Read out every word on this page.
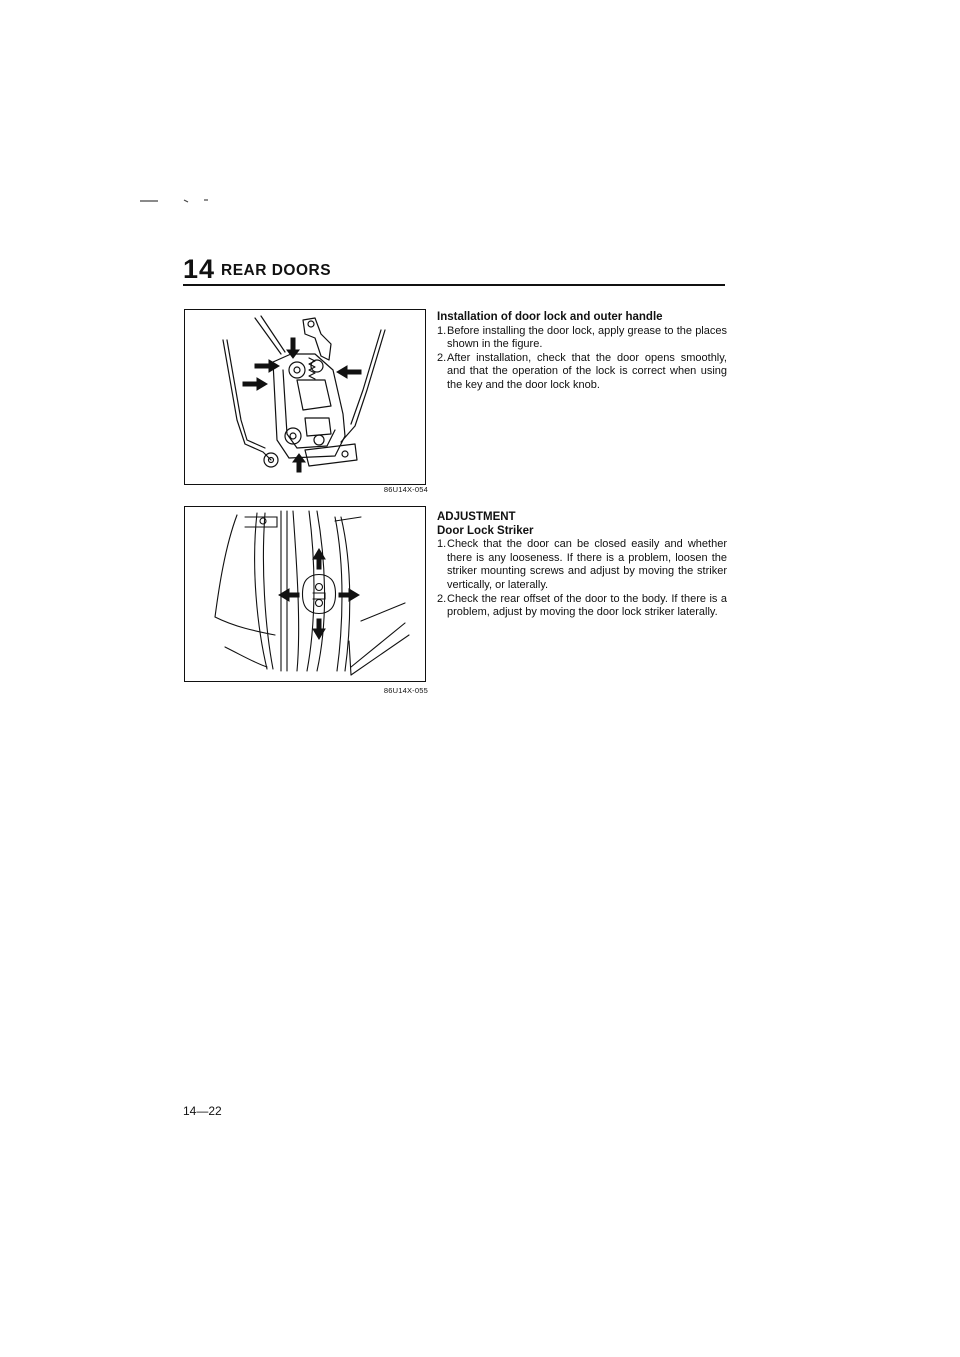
14 REAR DOORS
86U14X-054
86U14X-055
Installation of door lock and outer handle
1. Before installing the door lock, apply grease to the places shown in the figure.
2. After installation, check that the door opens smoothly, and that the operation of the lock is correct when using the key and the door lock knob.
ADJUSTMENT
Door Lock Striker
1. Check that the door can be closed easily and whether there is any looseness. If there is a problem, loosen the striker mounting screws and adjust by moving the striker vertically, or laterally.
2. Check the rear offset of the door to the body. If there is a problem, adjust by moving the door lock striker laterally.
14—22
